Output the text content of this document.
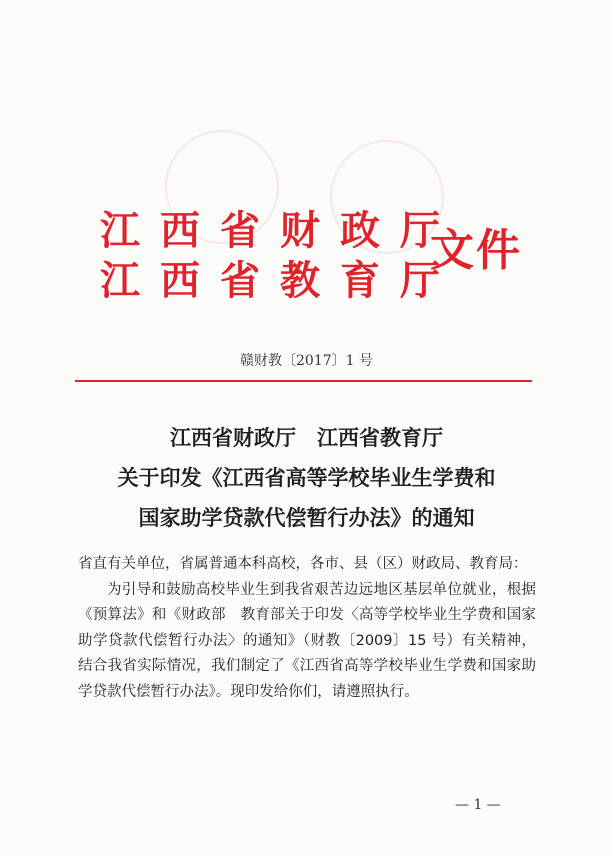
江西省财政厅
江西省教育厅
文件
赣财教〔2017〕1 号
江西省财政厅　江西省教育厅
关于印发《江西省高等学校毕业生学费和
国家助学贷款代偿暂行办法》的通知

省直有关单位，省属普通本科高校，各市、县（区）财政局、教育局：

为引导和鼓励高校毕业生到我省艰苦边远地区基层单位就业，根据《预算法》和《财政部　教育部关于印发〈高等学校毕业生学费和国家助学贷款代偿暂行办法〉的通知》（财教〔2009〕15 号）有关精神，结合我省实际情况，我们制定了《江西省高等学校毕业生学费和国家助学贷款代偿暂行办法》。现印发给你们，请遵照执行。

— 1 —
